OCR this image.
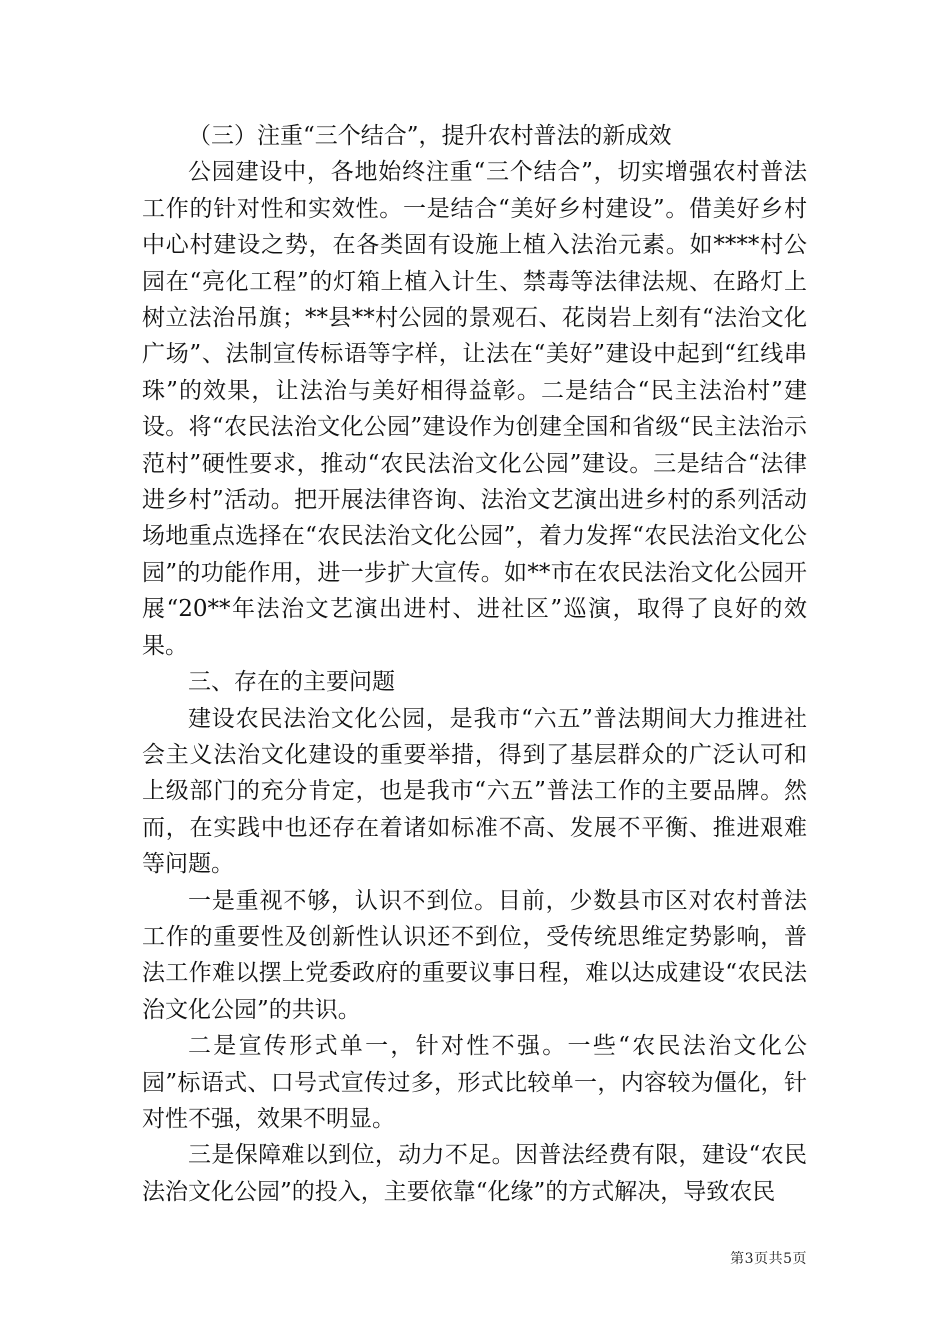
（三）注重“三个结合”，提升农村普法的新成效

公园建设中，各地始终注重“三个结合”，切实增强农村普法工作的针对性和实效性。一是结合“美好乡村建设”。借美好乡村中心村建设之势，在各类固有设施上植入法治元素。如****村公园在“亮化工程”的灯箱上植入计生、禁毒等法律法规、在路灯上树立法治吊旗；**县**村公园的景观石、花岗岩上刻有“法治文化广场”、法制宣传标语等字样，让法在“美好”建设中起到“红线串珠”的效果，让法治与美好相得益彰。二是结合“民主法治村”建设。将“农民法治文化公园”建设作为创建全国和省级“民主法治示范村”硬性要求，推动“农民法治文化公园”建设。三是结合“法律进乡村”活动。把开展法律咨询、法治文艺演出进乡村的系列活动场地重点选择在“农民法治文化公园”，着力发挥“农民法治文化公园”的功能作用，进一步扩大宣传。如**市在农民法治文化公园开展“20**年法治文艺演出进村、进社区”巡演，取得了良好的效果。

三、存在的主要问题

建设农民法治文化公园，是我市“六五”普法期间大力推进社会主义法治文化建设的重要举措，得到了基层群众的广泛认可和上级部门的充分肯定，也是我市“六五”普法工作的主要品牌。然而，在实践中也还存在着诸如标准不高、发展不平衡、推进艰难等问题。

一是重视不够，认识不到位。目前，少数县市区对农村普法工作的重要性及创新性认识还不到位，受传统思维定势影响，普法工作难以摆上党委政府的重要议事日程，难以达成建设“农民法治文化公园”的共识。

二是宣传形式单一，针对性不强。一些“农民法治文化公园”标语式、口号式宣传过多，形式比较单一，内容较为僵化，针对性不强，效果不明显。

三是保障难以到位，动力不足。因普法经费有限，建设“农民法治文化公园”的投入，主要依靠“化缘”的方式解决，导致农民

第3页共5页
